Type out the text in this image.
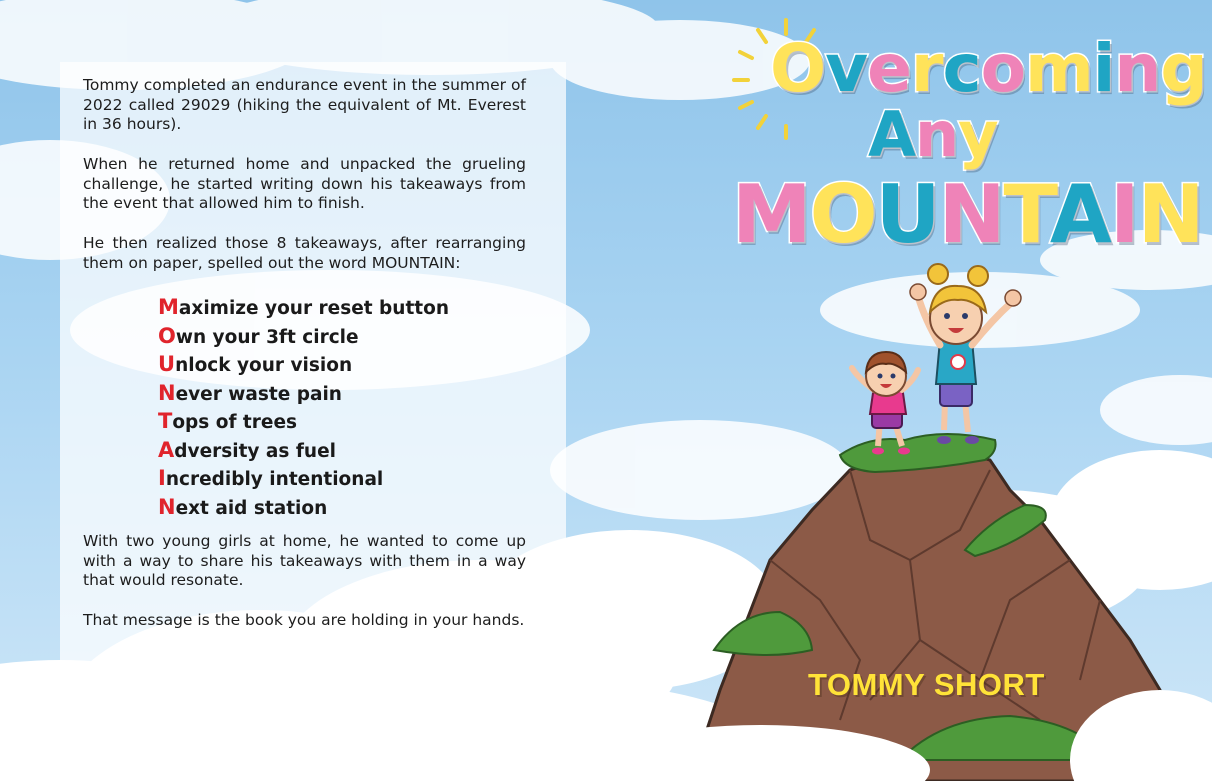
Tommy completed an endurance event in the summer of 2022 called 29029 (hiking the equivalent of Mt. Everest in 36 hours).

When he returned home and unpacked the grueling challenge, he started writing down his takeaways from the event that allowed him to finish.

He then realized those 8 takeaways, after rearranging them on paper, spelled out the word MOUNTAIN:

Maximize your reset button
Own your 3ft circle
Unlock your vision
Never waste pain
Tops of trees
Adversity as fuel
Incredibly intentional
Next aid station

With two young girls at home, he wanted to come up with a way to share his takeaways with them in a way that would resonate.

That message is the book you are holding in your hands.

Overcoming
Any
MOUNTAIN

TOMMY SHORT
